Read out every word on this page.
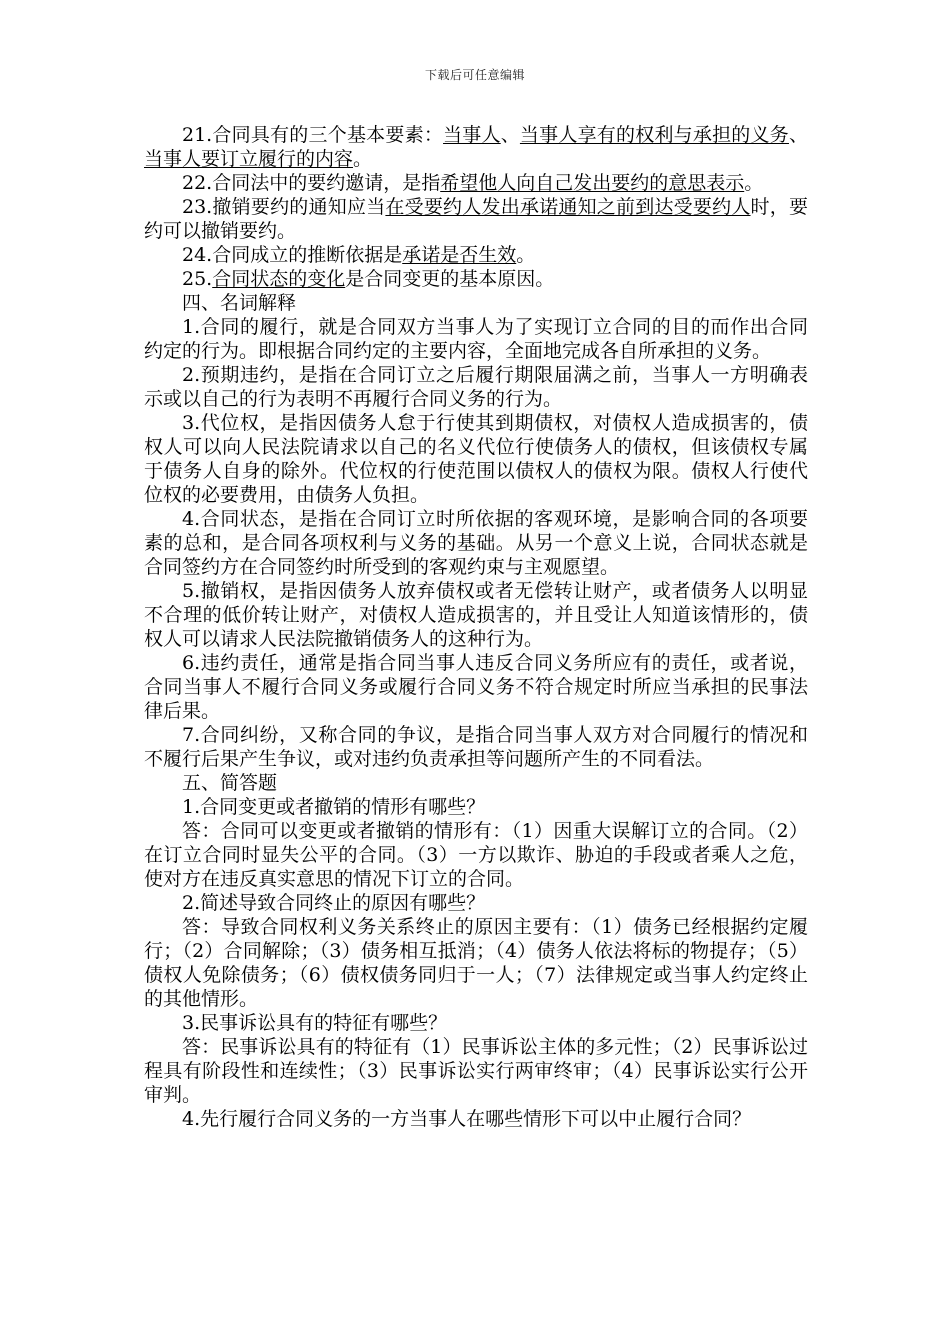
下载后可任意编辑

21.合同具有的三个基本要素：当事人、当事人享有的权利与承担的义务、当事人要订立履行的内容。

22.合同法中的要约邀请，是指希望他人向自己发出要约的意思表示。

23.撤销要约的通知应当在受要约人发出承诺通知之前到达受要约人时，要约可以撤销要约。

24.合同成立的推断依据是承诺是否生效。

25.合同状态的变化是合同变更的基本原因。

四、名词解释

1.合同的履行，就是合同双方当事人为了实现订立合同的目的而作出合同约定的行为。即根据合同约定的主要内容，全面地完成各自所承担的义务。

2.预期违约，是指在合同订立之后履行期限届满之前，当事人一方明确表示或以自己的行为表明不再履行合同义务的行为。

3.代位权，是指因债务人怠于行使其到期债权，对债权人造成损害的，债权人可以向人民法院请求以自己的名义代位行使债务人的债权，但该债权专属于债务人自身的除外。代位权的行使范围以债权人的债权为限。债权人行使代位权的必要费用，由债务人负担。

4.合同状态，是指在合同订立时所依据的客观环境，是影响合同的各项要素的总和，是合同各项权利与义务的基础。从另一个意义上说，合同状态就是合同签约方在合同签约时所受到的客观约束与主观愿望。

5.撤销权，是指因债务人放弃债权或者无偿转让财产，或者债务人以明显不合理的低价转让财产，对债权人造成损害的，并且受让人知道该情形的，债权人可以请求人民法院撤销债务人的这种行为。

6.违约责任，通常是指合同当事人违反合同义务所应有的责任，或者说，合同当事人不履行合同义务或履行合同义务不符合规定时所应当承担的民事法律后果。

7.合同纠纷，又称合同的争议，是指合同当事人双方对合同履行的情况和不履行后果产生争议，或对违约负责承担等问题所产生的不同看法。

五、简答题

1.合同变更或者撤销的情形有哪些？

答：合同可以变更或者撤销的情形有：（1）因重大误解订立的合同。（2）在订立合同时显失公平的合同。（3）一方以欺诈、胁迫的手段或者乘人之危，使对方在违反真实意思的情况下订立的合同。

2.简述导致合同终止的原因有哪些？

答：导致合同权利义务关系终止的原因主要有：（1）债务已经根据约定履行；（2）合同解除；（3）债务相互抵消；（4）债务人依法将标的物提存；（5）债权人免除债务；（6）债权债务同归于一人；（7）法律规定或当事人约定终止的其他情形。

3.民事诉讼具有的特征有哪些？

答：民事诉讼具有的特征有（1）民事诉讼主体的多元性；（2）民事诉讼过程具有阶段性和连续性；（3）民事诉讼实行两审终审；（4）民事诉讼实行公开审判。

4.先行履行合同义务的一方当事人在哪些情形下可以中止履行合同？
